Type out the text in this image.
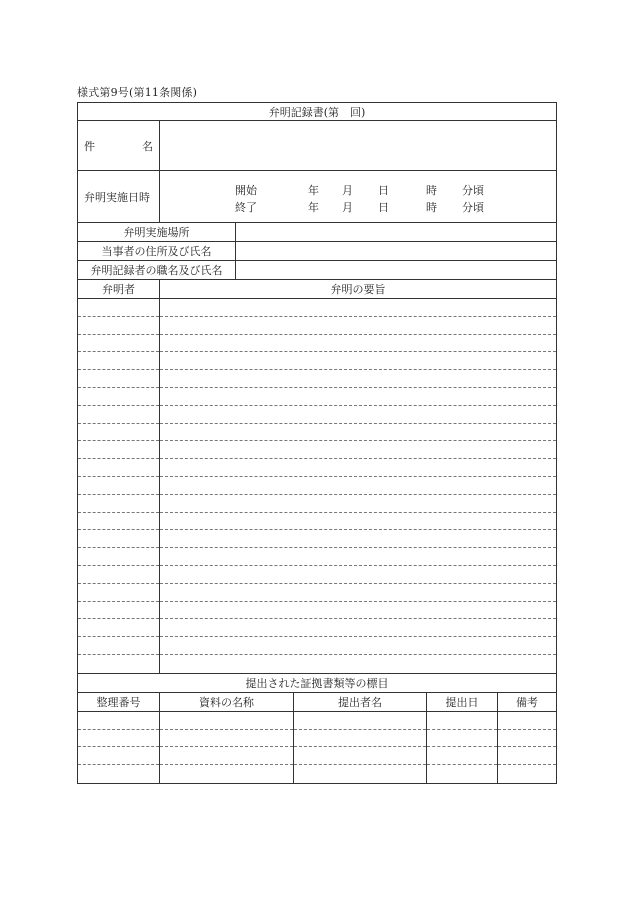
様式第9号(第11条関係)
弁明記録書(第　回)
件	名
弁明実施日時	開始	年 月 日	時 分頃
終了	年 月 日	時 分頃
弁明実施場所
当事者の住所及び氏名
弁明記録者の職名及び氏名
弁明者	弁明の要旨
提出された証拠書類等の標目
整理番号	資料の名称	提出者名	提出日	備考
